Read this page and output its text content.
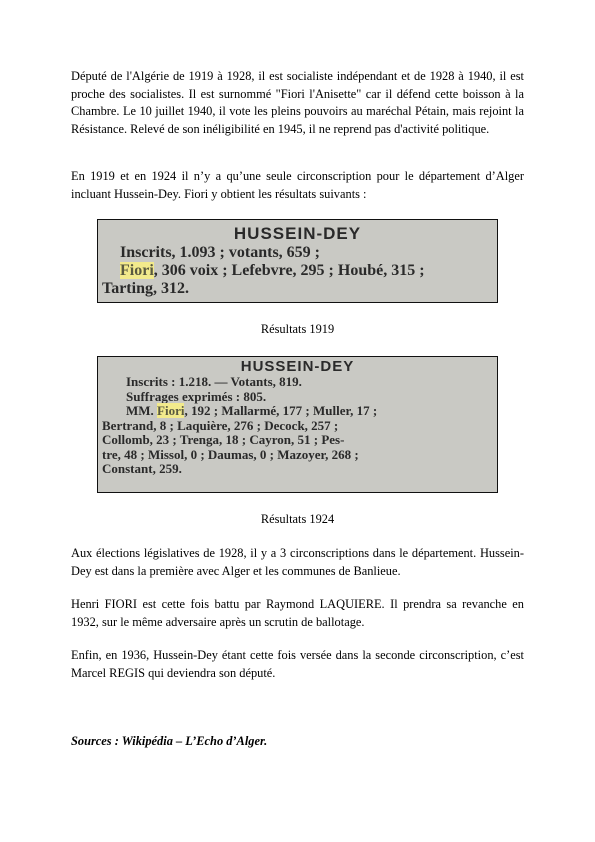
Député de l'Algérie de 1919 à 1928, il est socialiste indépendant et de 1928 à 1940, il est proche des socialistes. Il est surnommé "Fiori l'Anisette" car il défend cette boisson à la Chambre. Le 10 juillet 1940, il vote les pleins pouvoirs au maréchal Pétain, mais rejoint la Résistance. Relevé de son inéligibilité en 1945, il ne reprend pas d'activité politique.

En 1919 et en 1924 il n’y a qu’une seule circonscription pour le département d’Alger incluant Hussein-Dey. Fiori y obtient les résultats suivants :

HUSSEIN-DEY
Inscrits, 1.093 ; votants, 659 ;
Fiori, 306 voix ; Lefebvre, 295 ; Houbé, 315 ;
Tarting, 312.

Résultats 1919

HUSSEIN-DEY
Inscrits : 1.218. — Votants, 819.
Suffrages exprimés : 805.
MM. Fiori, 192 ; Mallarmé, 177 ; Muller, 17 ;
Bertrand, 8 ; Laquière, 276 ; Decock, 257 ;
Collomb, 23 ; Trenga, 18 ; Cayron, 51 ; Pes-
tre, 48 ; Missol, 0 ; Daumas, 0 ; Mazoyer, 268 ;
Constant, 259.

Résultats 1924

Aux élections législatives de 1928, il y a 3 circonscriptions dans le département. Hussein-Dey est dans la première avec Alger et les communes de Banlieue.

Henri FIORI est cette fois battu par Raymond LAQUIERE. Il prendra sa revanche en 1932, sur le même adversaire après un scrutin de ballotage.

Enfin, en 1936, Hussein-Dey étant cette fois versée dans la seconde circonscription, c’est Marcel REGIS qui deviendra son député.

Sources : Wikipédia – L’Echo d’Alger.
